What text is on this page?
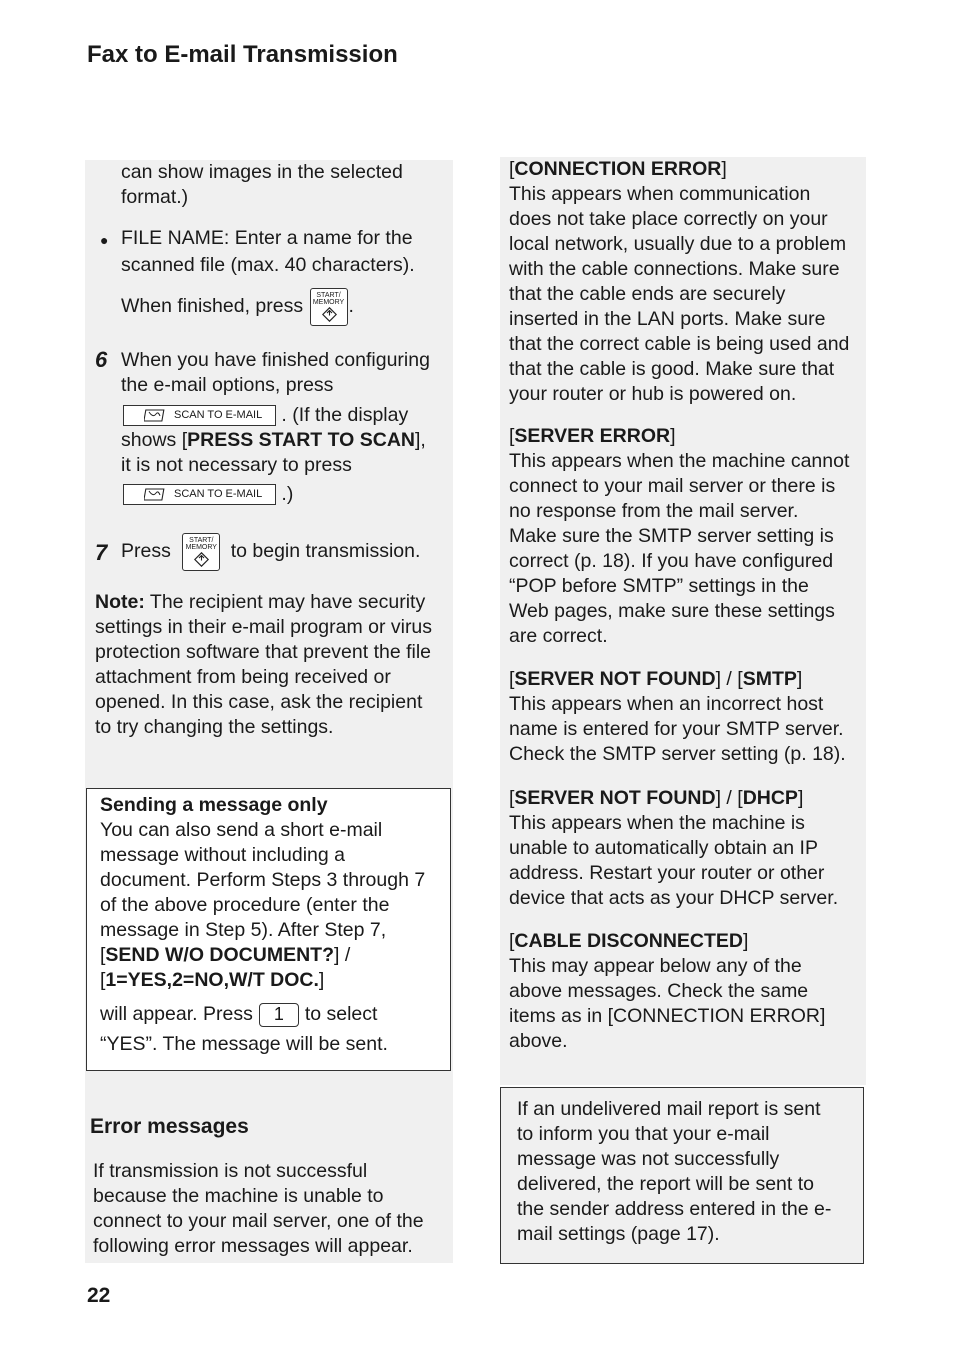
Fax to E-mail Transmission

can show images in the selected

format.)

● FILE NAME: Enter a name for the

scanned file (max. 40 characters).

When finished, press	START/
MEMORY .
6 When you have finished configuring

the e-mail options, press

SCAN TO E-MAIL . (If the display

shows [PRESS START TO SCAN],

it is not necessary to press

SCAN TO E-MAIL .)
7 Press	START/
MEMORY to begin transmission.

Note: The recipient may have security

settings in their e-mail program or virus

protection software that prevent the file

attachment from being received or

opened. In this case, ask the recipient

to try changing the settings.

Sending a message only

You can also send a short e-mail

message without including a

document. Perform Steps 3 through 7

of the above procedure (enter the

message in Step 5). After Step 7,

[SEND W/O DOCUMENT?] /

[1=YES,2=NO,W/T DOC.]

will appear. Press 1 to select

“YES”. The message will be sent.

Error messages

If transmission is not successful

because the machine is unable to

connect to your mail server, one of the

following error messages will appear.

[CONNECTION ERROR]

This appears when communication

does not take place correctly on your

local network, usually due to a problem

with the cable connections. Make sure

that the cable ends are securely

inserted in the LAN ports. Make sure

that the correct cable is being used and

that the cable is good. Make sure that

your router or hub is powered on.

[SERVER ERROR]

This appears when the machine cannot

connect to your mail server or there is

no response from the mail server.

Make sure the SMTP server setting is

correct (p. 18). If you have configured

“POP before SMTP” settings in the

Web pages, make sure these settings

are correct.

[SERVER NOT FOUND] / [SMTP]

This appears when an incorrect host

name is entered for your SMTP server.

Check the SMTP server setting (p. 18).

[SERVER NOT FOUND] / [DHCP]

This appears when the machine is

unable to automatically obtain an IP

address. Restart your router or other

device that acts as your DHCP server.

[CABLE DISCONNECTED]

This may appear below any of the

above messages. Check the same

items as in [CONNECTION ERROR]

above.

If an undelivered mail report is sent

to inform you that your e-mail

message was not successfully

delivered, the report will be sent to

the sender address entered in the e-

mail settings (page 17).

22
